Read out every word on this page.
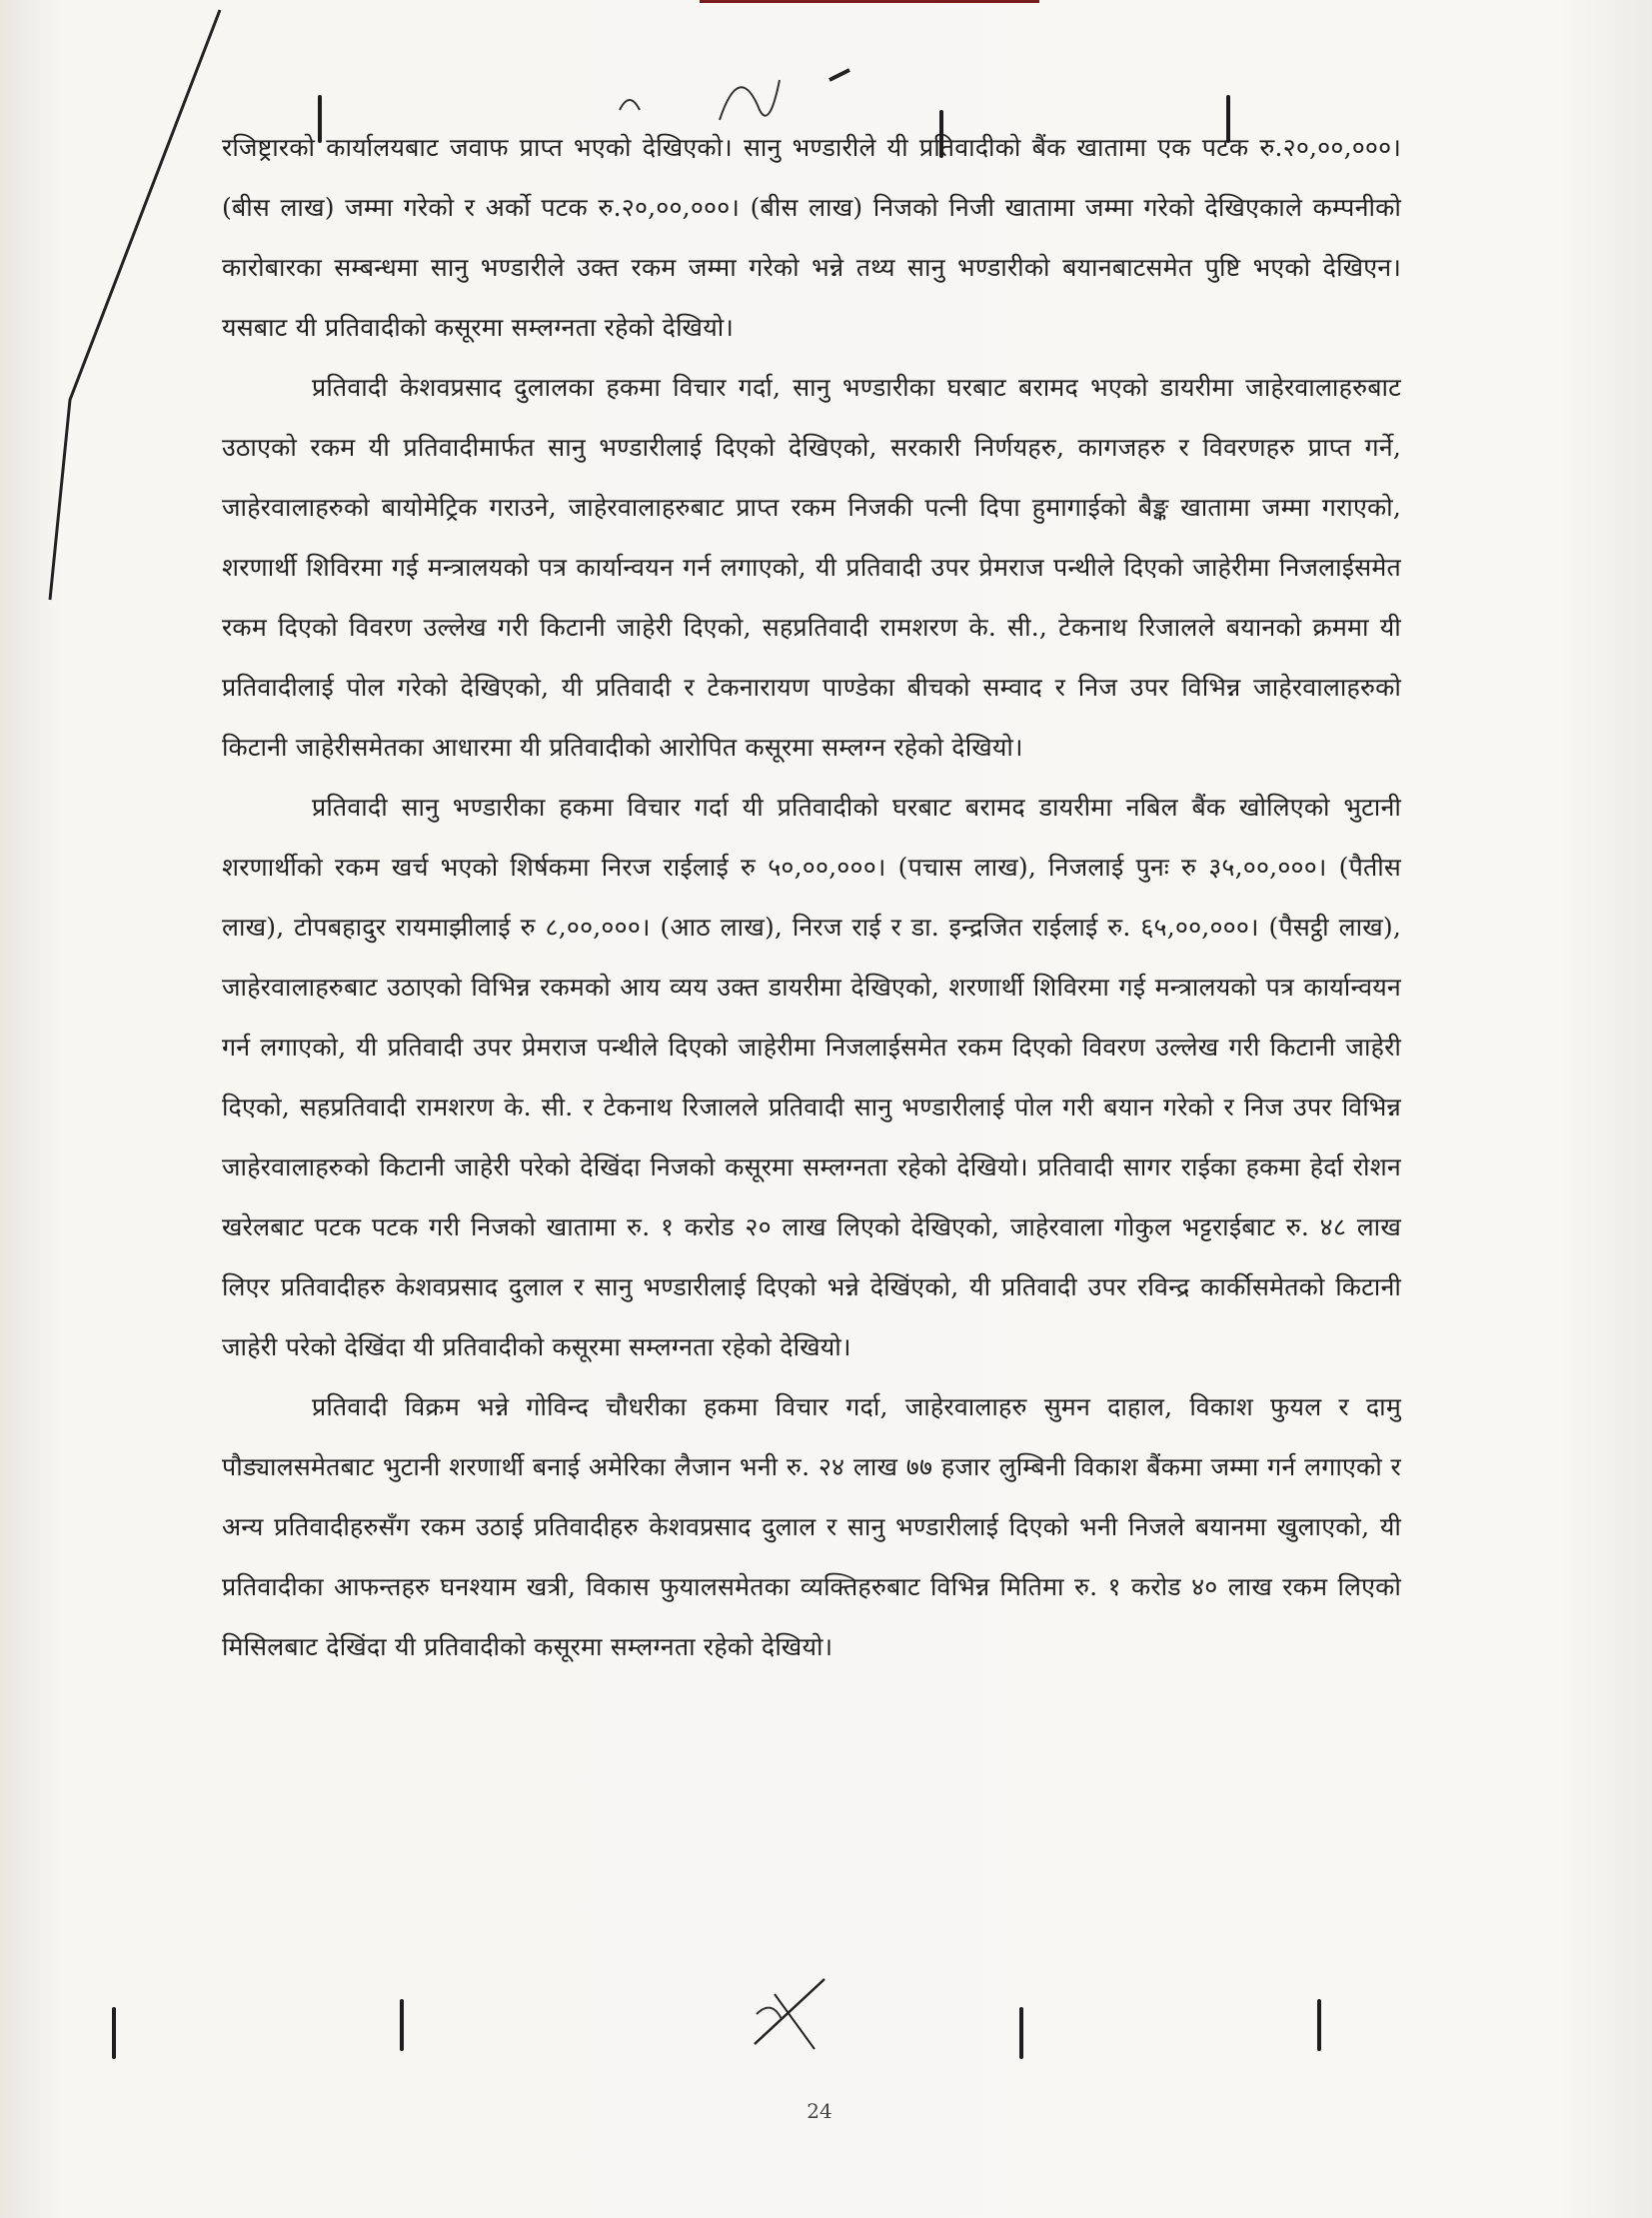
रजिष्ट्रारको कार्यालयबाट जवाफ प्राप्त भएको देखिएको। सानु भण्डारीले यी प्रतिवादीको बैंक खातामा एक पटक रु.२०,००,०००। (बीस लाख) जम्मा गरेको र अर्को पटक रु.२०,००,०००। (बीस लाख) निजको निजी खातामा जम्मा गरेको देखिएकाले कम्पनीको कारोबारका सम्बन्धमा सानु भण्डारीले उक्त रकम जम्मा गरेको भन्ने तथ्य सानु भण्डारीको बयानबाटसमेत पुष्टि भएको देखिएन। यसबाट यी प्रतिवादीको कसूरमा सम्लग्नता रहेको देखियो।

प्रतिवादी केशवप्रसाद दुलालका हकमा विचार गर्दा, सानु भण्डारीका घरबाट बरामद भएको डायरीमा जाहेरवालाहरुबाट उठाएको रकम यी प्रतिवादीमार्फत सानु भण्डारीलाई दिएको देखिएको, सरकारी निर्णयहरु, कागजहरु र विवरणहरु प्राप्त गर्ने, जाहेरवालाहरुको बायोमेट्रिक गराउने, जाहेरवालाहरुबाट प्राप्त रकम निजकी पत्नी दिपा हुमागाईको बैङ्क खातामा जम्मा गराएको, शरणार्थी शिविरमा गई मन्त्रालयको पत्र कार्यान्वयन गर्न लगाएको, यी प्रतिवादी उपर प्रेमराज पन्थीले दिएको जाहेरीमा निजलाईसमेत रकम दिएको विवरण उल्लेख गरी किटानी जाहेरी दिएको, सहप्रतिवादी रामशरण के. सी., टेकनाथ रिजालले बयानको क्रममा यी प्रतिवादीलाई पोल गरेको देखिएको, यी प्रतिवादी र टेकनारायण पाण्डेका बीचको सम्वाद र निज उपर विभिन्न जाहेरवालाहरुको किटानी जाहेरीसमेतका आधारमा यी प्रतिवादीको आरोपित कसूरमा सम्लग्न रहेको देखियो।

प्रतिवादी सानु भण्डारीका हकमा विचार गर्दा यी प्रतिवादीको घरबाट बरामद डायरीमा नबिल बैंक खोलिएको भुटानी शरणार्थीको रकम खर्च भएको शिर्षकमा निरज राईलाई रु ५०,००,०००। (पचास लाख), निजलाई पुनः रु ३५,००,०००। (पैतीस लाख), टोपबहादुर रायमाझीलाई रु ८,००,०००। (आठ लाख), निरज राई र डा. इन्द्रजित राईलाई रु. ६५,००,०००। (पैसट्ठी लाख), जाहेरवालाहरुबाट उठाएको विभिन्न रकमको आय व्यय उक्त डायरीमा देखिएको, शरणार्थी शिविरमा गई मन्त्रालयको पत्र कार्यान्वयन गर्न लगाएको, यी प्रतिवादी उपर प्रेमराज पन्थीले दिएको जाहेरीमा निजलाईसमेत रकम दिएको विवरण उल्लेख गरी किटानी जाहेरी दिएको, सहप्रतिवादी रामशरण के. सी. र टेकनाथ रिजालले प्रतिवादी सानु भण्डारीलाई पोल गरी बयान गरेको र निज उपर विभिन्न जाहेरवालाहरुको किटानी जाहेरी परेको देखिंदा निजको कसूरमा सम्लग्नता रहेको देखियो। प्रतिवादी सागर राईका हकमा हेर्दा रोशन खरेलबाट पटक पटक गरी निजको खातामा रु. १ करोड २० लाख लिएको देखिएको, जाहेरवाला गोकुल भट्टराईबाट रु. ४८ लाख लिएर प्रतिवादीहरु केशवप्रसाद दुलाल र सानु भण्डारीलाई दिएको भन्ने देखिंएको, यी प्रतिवादी उपर रविन्द्र कार्कीसमेतको किटानी जाहेरी परेको देखिंदा यी प्रतिवादीको कसूरमा सम्लग्नता रहेको देखियो।

प्रतिवादी विक्रम भन्ने गोविन्द चौधरीका हकमा विचार गर्दा, जाहेरवालाहरु सुमन दाहाल, विकाश फुयल र दामु पौड्यालसमेतबाट भुटानी शरणार्थी बनाई अमेरिका लैजान भनी रु. २४ लाख ७७ हजार लुम्बिनी विकाश बैंकमा जम्मा गर्न लगाएको र अन्य प्रतिवादीहरुसँग रकम उठाई प्रतिवादीहरु केशवप्रसाद दुलाल र सानु भण्डारीलाई दिएको भनी निजले बयानमा खुलाएको, यी प्रतिवादीका आफन्तहरु घनश्याम खत्री, विकास फुयालसमेतका व्यक्तिहरुबाट विभिन्न मितिमा रु. १ करोड ४० लाख रकम लिएको मिसिलबाट देखिंदा यी प्रतिवादीको कसूरमा सम्लग्नता रहेको देखियो।

24
